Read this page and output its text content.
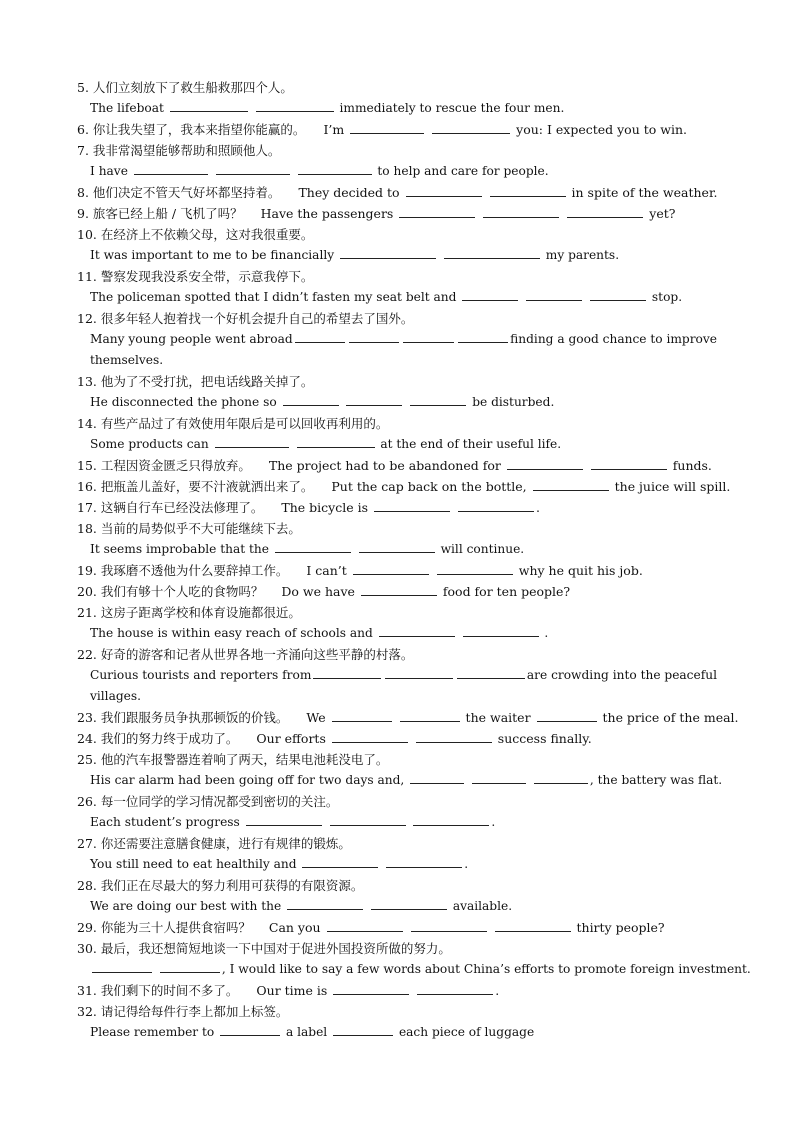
5. 人们立刻放下了救生船救那四个人。
The lifeboat	immediately to rescue the four men.
6. 你让我失望了，我本来指望你能赢的。 I’m	you: I expected you to win.
7. 我非常渴望能够帮助和照顾他人。
I have	to help and care for people.
8. 他们决定不管天气好坏都坚持着。 They decided to	in spite of the weather.
9. 旅客已经上船 / 飞机了吗？ Have the passengers	yet?
10. 在经济上不依赖父母，这对我很重要。
It was important to me to be financially	my parents.
11. 警察发现我没系安全带，示意我停下。
The policeman spotted that I didn’t fasten my seat belt and	stop.
12. 很多年轻人抱着找一个好机会提升自己的希望去了国外。
Many young people went abroad	finding a good chance to improve
themselves.
13. 他为了不受打扰，把电话线路关掉了。
He disconnected the phone so	be disturbed.
14. 有些产品过了有效使用年限后是可以回收再利用的。
Some products can	at the end of their useful life.
15. 工程因资金匮乏只得放弃。 The project had to be abandoned for	funds.
16. 把瓶盖儿盖好，要不汁液就洒出来了。 Put the cap back on the bottle,	the juice will spill.
17. 这辆自行车已经没法修理了。 The bicycle is	.
18. 当前的局势似乎不大可能继续下去。
It seems improbable that the	will continue.
19. 我琢磨不透他为什么要辞掉工作。 I can’t	why he quit his job.
20. 我们有够十个人吃的食物吗？ Do we have	food for ten people?
21. 这房子距离学校和体育设施都很近。
The house is within easy reach of schools and	.
22. 好奇的游客和记者从世界各地一齐涌向这些平静的村落。
Curious tourists and reporters from	are crowding into the peaceful
villages.
23. 我们跟服务员争执那顿饭的价钱。 We	the waiter	the price of the meal.
24. 我们的努力终于成功了。 Our efforts	success finally.
25. 他的汽车报警器连着响了两天，结果电池耗没电了。
His car alarm had been going off for two days and,	, the battery was flat.
26. 每一位同学的学习情况都受到密切的关注。
Each student’s progress	.
27. 你还需要注意膳食健康，进行有规律的锻炼。
You still need to eat healthily and	.
28. 我们正在尽最大的努力利用可获得的有限资源。
We are doing our best with the	available.
29. 你能为三十人提供食宿吗？ Can you	thirty people?
30. 最后，我还想简短地谈一下中国对于促进外国投资所做的努力。
, I would like to say a few words about China’s efforts to promote foreign investment.
31. 我们剩下的时间不多了。 Our time is	.
32. 请记得给每件行李上都加上标签。
Please remember to	a label	each piece of luggage
